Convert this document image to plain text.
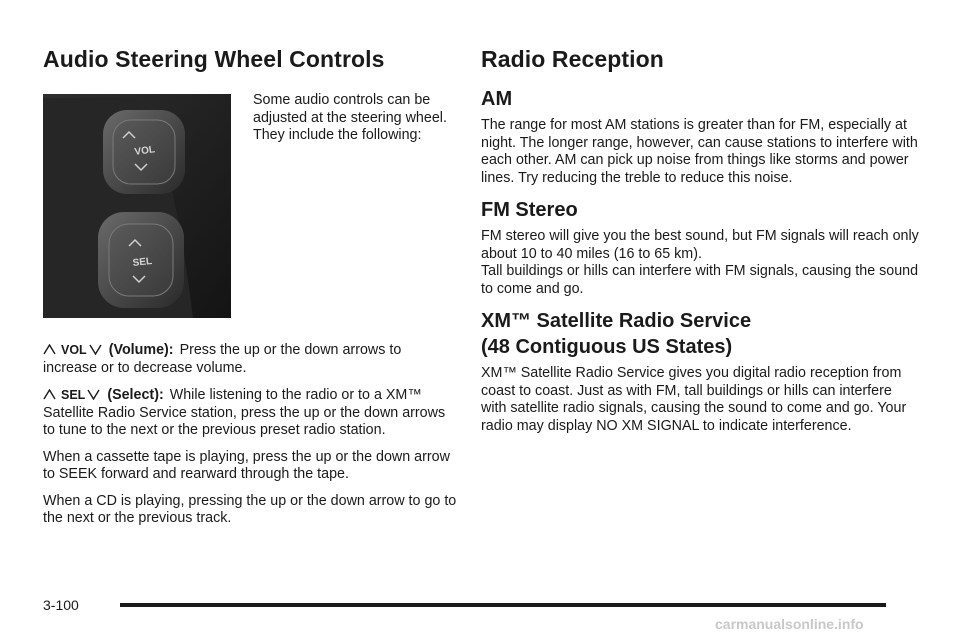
Audio Steering Wheel Controls
VOL
SEL

Some audio controls can be adjusted at the steering wheel. They include the following:

VOL (Volume): Press the up or the down arrows to increase or to decrease volume.

SEL (Select): While listening to the radio or to a XM™ Satellite Radio Service station, press the up or the down arrows to tune to the next or the previous preset radio station.

When a cassette tape is playing, press the up or the down arrow to SEEK forward and rearward through the tape.

When a CD is playing, pressing the up or the down arrow to go to the next or the previous track.

Radio Reception
AM

The range for most AM stations is greater than for FM, especially at night. The longer range, however, can cause stations to interfere with each other. AM can pick up noise from things like storms and power lines. Try reducing the treble to reduce this noise.

FM Stereo

FM stereo will give you the best sound, but FM signals will reach only about 10 to 40 miles (16 to 65 km).

Tall buildings or hills can interfere with FM signals, causing the sound to come and go.

XM™ Satellite Radio Service
(48 Contiguous US States)

XM™ Satellite Radio Service gives you digital radio reception from coast to coast. Just as with FM, tall buildings or hills can interfere with satellite radio signals, causing the sound to come and go. Your radio may display NO XM SIGNAL to indicate interference.

3-100
carmanualsonline.info
